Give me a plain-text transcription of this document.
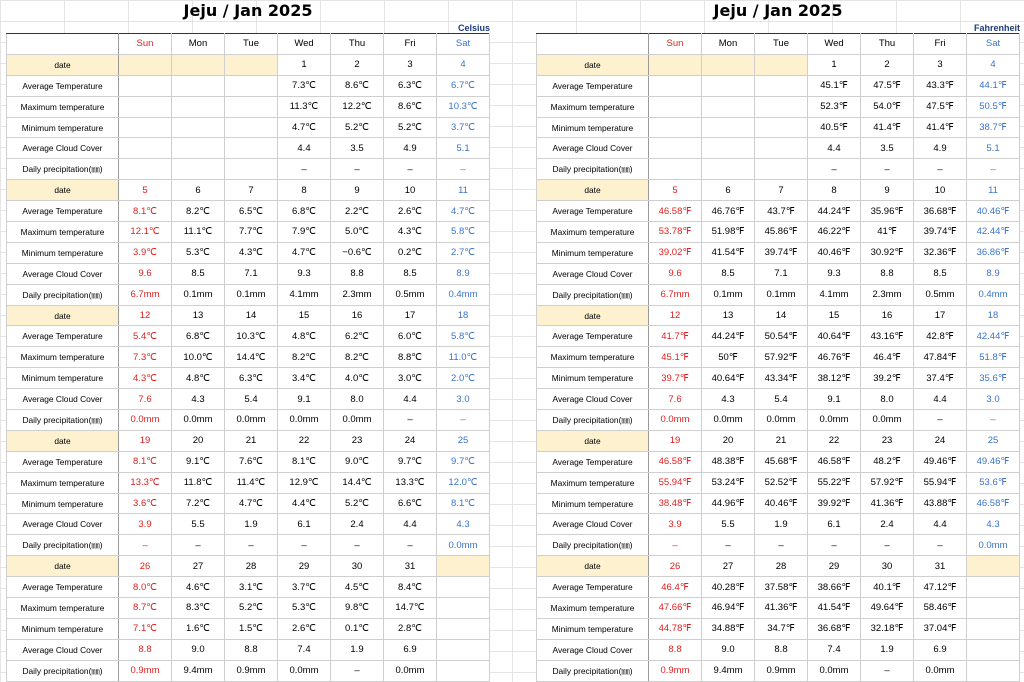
Jeju / Jan 2025
Celsius
	Sun	Mon	Tue	Wed	Thu	Fri	Sat
date				1	2	3	4
Average Temperature				7.3℃	8.6℃	6.3℃	6.7℃
Maximum temperature				11.3℃	12.2℃	8.6℃	10.3℃
Minimum temperature				4.7℃	5.2℃	5.2℃	3.7℃
Average Cloud Cover				4.4	3.5	4.9	5.1
Daily precipitation(㎜)				–	–	–	–
date	5	6	7	8	9	10	11
Average Temperature	8.1℃	8.2℃	6.5℃	6.8℃	2.2℃	2.6℃	4.7℃
Maximum temperature	12.1℃	11.1℃	7.7℃	7.9℃	5.0℃	4.3℃	5.8℃
Minimum temperature	3.9℃	5.3℃	4.3℃	4.7℃	−0.6℃	0.2℃	2.7℃
Average Cloud Cover	9.6	8.5	7.1	9.3	8.8	8.5	8.9
Daily precipitation(㎜)	6.7mm	0.1mm	0.1mm	4.1mm	2.3mm	0.5mm	0.4mm
date	12	13	14	15	16	17	18
Average Temperature	5.4℃	6.8℃	10.3℃	4.8℃	6.2℃	6.0℃	5.8℃
Maximum temperature	7.3℃	10.0℃	14.4℃	8.2℃	8.2℃	8.8℃	11.0℃
Minimum temperature	4.3℃	4.8℃	6.3℃	3.4℃	4.0℃	3.0℃	2.0℃
Average Cloud Cover	7.6	4.3	5.4	9.1	8.0	4.4	3.0
Daily precipitation(㎜)	0.0mm	0.0mm	0.0mm	0.0mm	0.0mm	–	–
date	19	20	21	22	23	24	25
Average Temperature	8.1℃	9.1℃	7.6℃	8.1℃	9.0℃	9.7℃	9.7℃
Maximum temperature	13.3℃	11.8℃	11.4℃	12.9℃	14.4℃	13.3℃	12.0℃
Minimum temperature	3.6℃	7.2℃	4.7℃	4.4℃	5.2℃	6.6℃	8.1℃
Average Cloud Cover	3.9	5.5	1.9	6.1	2.4	4.4	4.3
Daily precipitation(㎜)	–	–	–	–	–	–	0.0mm
date	26	27	28	29	30	31	
Average Temperature	8.0℃	4.6℃	3.1℃	3.7℃	4.5℃	8.4℃	
Maximum temperature	8.7℃	8.3℃	5.2℃	5.3℃	9.8℃	14.7℃	
Minimum temperature	7.1℃	1.6℃	1.5℃	2.6℃	0.1℃	2.8℃	
Average Cloud Cover	8.8	9.0	8.8	7.4	1.9	6.9	
Daily precipitation(㎜)	0.9mm	9.4mm	0.9mm	0.0mm	–	0.0mm	
Jeju / Jan 2025
Fahrenheit
	Sun	Mon	Tue	Wed	Thu	Fri	Sat
date				1	2	3	4
Average Temperature				45.1℉	47.5℉	43.3℉	44.1℉
Maximum temperature				52.3℉	54.0℉	47.5℉	50.5℉
Minimum temperature				40.5℉	41.4℉	41.4℉	38.7℉
Average Cloud Cover				4.4	3.5	4.9	5.1
Daily precipitation(㎜)				–	–	–	–
date	5	6	7	8	9	10	11
Average Temperature	46.58℉	46.76℉	43.7℉	44.24℉	35.96℉	36.68℉	40.46℉
Maximum temperature	53.78℉	51.98℉	45.86℉	46.22℉	41℉	39.74℉	42.44℉
Minimum temperature	39.02℉	41.54℉	39.74℉	40.46℉	30.92℉	32.36℉	36.86℉
Average Cloud Cover	9.6	8.5	7.1	9.3	8.8	8.5	8.9
Daily precipitation(㎜)	6.7mm	0.1mm	0.1mm	4.1mm	2.3mm	0.5mm	0.4mm
date	12	13	14	15	16	17	18
Average Temperature	41.7℉	44.24℉	50.54℉	40.64℉	43.16℉	42.8℉	42.44℉
Maximum temperature	45.1℉	50℉	57.92℉	46.76℉	46.4℉	47.84℉	51.8℉
Minimum temperature	39.7℉	40.64℉	43.34℉	38.12℉	39.2℉	37.4℉	35.6℉
Average Cloud Cover	7.6	4.3	5.4	9.1	8.0	4.4	3.0
Daily precipitation(㎜)	0.0mm	0.0mm	0.0mm	0.0mm	0.0mm	–	–
date	19	20	21	22	23	24	25
Average Temperature	46.58℉	48.38℉	45.68℉	46.58℉	48.2℉	49.46℉	49.46℉
Maximum temperature	55.94℉	53.24℉	52.52℉	55.22℉	57.92℉	55.94℉	53.6℉
Minimum temperature	38.48℉	44.96℉	40.46℉	39.92℉	41.36℉	43.88℉	46.58℉
Average Cloud Cover	3.9	5.5	1.9	6.1	2.4	4.4	4.3
Daily precipitation(㎜)	–	–	–	–	–	–	0.0mm
date	26	27	28	29	30	31	
Average Temperature	46.4℉	40.28℉	37.58℉	38.66℉	40.1℉	47.12℉	
Maximum temperature	47.66℉	46.94℉	41.36℉	41.54℉	49.64℉	58.46℉	
Minimum temperature	44.78℉	34.88℉	34.7℉	36.68℉	32.18℉	37.04℉	
Average Cloud Cover	8.8	9.0	8.8	7.4	1.9	6.9	
Daily precipitation(㎜)	0.9mm	9.4mm	0.9mm	0.0mm	–	0.0mm	
